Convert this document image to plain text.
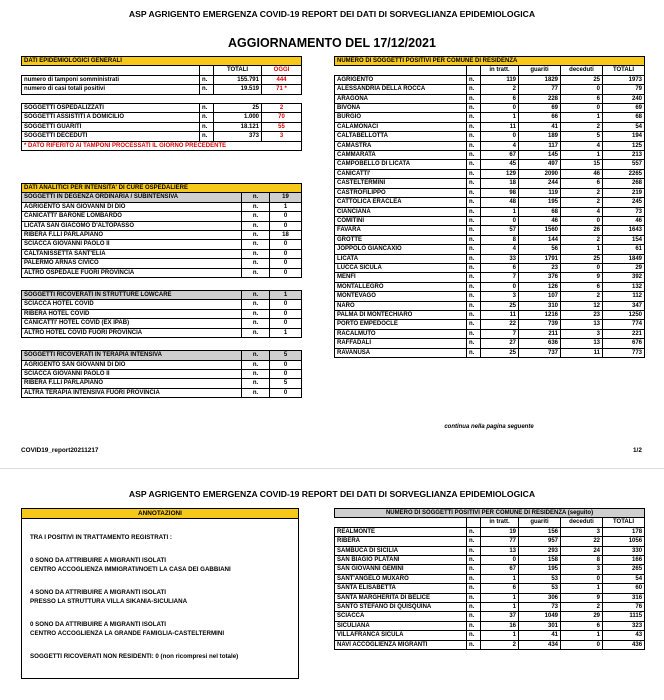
ASP AGRIGENTO EMERGENZA COVID-19 REPORT DEI DATI DI SORVEGLIANZA EPIDEMIOLOGICA
AGGIORNAMENTO DEL 17/12/2021
DATI EPIDEMIOLOGICI GENERALI			
		TOTALI	OGGI
numero di tamponi somministrati	n.	155.791	444
numero di casi totali positivi	n.	19.519	71 *

SOGGETTI OSPEDALIZZATI	n.	25	2
SOGGETTI ASSISTITI A DOMICILIO	n.	1.000	70
SOGGETTI GUARITI	n.	18.121	55
SOGGETTI DECEDUTI	n.	373	3
* DATO RIFERITO AI TAMPONI PROCESSATI IL GIORNO PRECEDENTE			
DATI ANALITICI PER INTENSITA' DI CURE OSPEDALIERE		
SOGGETTI IN DEGENZA ORDINARIA / SUBINTENSIVA	n.	19
AGRIGENTO SAN GIOVANNI DI DIO	n.	1
CANICATTI' BARONE LOMBARDO	n.	0
LICATA SAN GIACOMO D'ALTOPASSO	n.	0
RIBERA F.LLI PARLAPIANO	n.	18
SCIACCA GIOVANNI PAOLO II	n.	0
CALTANISSETTA SANT'ELIA	n.	0
PALERMO ARNAS CIVICO	n.	0
ALTRO OSPEDALE FUORI PROVINCIA	n.	0

SOGGETTI RICOVERATI IN STRUTTURE LOWCARE	n.	1
SCIACCA HOTEL COVID	n.	0
RIBERA HOTEL COVID	n.	0
CANICATTI' HOTEL COVID (EX IPAB)	n.	0
ALTRO HOTEL COVID FUORI PROVINCIA	n.	1

SOGGETTI RICOVERATI IN TERAPIA INTENSIVA	n.	5
AGRIGENTO SAN GIOVANNI DI DIO	n.	0
SCIACCA GIOVANNI PAOLO II	n.	0
RIBERA F.LLI PARLAPIANO	n.	5
ALTRA TERAPIA INTENSIVA FUORI PROVINCIA	n.	0
NUMERO DI SOGGETTI POSITIVI PER COMUNE DI RESIDENZA					
		in tratt.	guariti	deceduti	TOTALI
AGRIGENTO	n.	119	1829	25	1973
ALESSANDRIA DELLA ROCCA	n.	2	77	0	79
ARAGONA	n.	6	228	6	240
BIVONA	n.	0	69	0	69
BURGIO	n.	1	66	1	68
CALAMONACI	n.	11	41	2	54
CALTABELLOTTA	n.	0	189	5	194
CAMASTRA	n.	4	117	4	125
CAMMARATA	n.	67	145	1	213
CAMPOBELLO DI LICATA	n.	45	497	15	557
CANICATTI'	n.	129	2090	46	2265
CASTELTERMINI	n.	18	244	6	268
CASTROFILIPPO	n.	98	119	2	219
CATTOLICA ERACLEA	n.	48	195	2	245
CIANCIANA	n.	1	68	4	73
COMITINI	n.	0	46	0	46
FAVARA	n.	57	1560	26	1643
GROTTE	n.	8	144	2	154
JOPPOLO GIANCAXIO	n.	4	56	1	61
LICATA	n.	33	1791	25	1849
LUCCA SICULA	n.	6	23	0	29
MENFI	n.	7	376	9	392
MONTALLEGRO	n.	0	126	6	132
MONTEVAGO	n.	3	107	2	112
NARO	n.	25	310	12	347
PALMA DI MONTECHIARO	n.	11	1216	23	1250
PORTO EMPEDOCLE	n.	22	739	13	774
RACALMUTO	n.	7	211	3	221
RAFFADALI	n.	27	636	13	676
RAVANUSA	n.	25	737	11	773
continua nella pagina seguente
COVID19_report20211217	1/2
ASP AGRIGENTO EMERGENZA COVID-19 REPORT DEI DATI DI SORVEGLIANZA EPIDEMIOLOGICA
ANNOTAZIONI
TRA I POSITIVI IN TRATTAMENTO REGISTRATI :
0 SONO DA ATTRIBUIRE A MIGRANTI ISOLATI
CENTRO ACCOGLIENZA IMMIGRATI/NOETI LA CASA DEI GABBIANI
4 SONO DA ATTRIBUIRE A MIGRANTI ISOLATI
PRESSO LA STRUTTURA VILLA SIKANIA-SICULIANA
0 SONO DA ATTRIBUIRE A MIGRANTI ISOLATI
CENTRO ACCOGLIENZA LA GRANDE FAMIGLIA-CASTELTERMINI
SOGGETTI RICOVERATI NON RESIDENTI: 0 (non ricompresi nel totale)
NUMERO DI SOGGETTI POSITIVI PER COMUNE DI RESIDENZA (seguito)					
		in tratt.	guariti	deceduti	TOTALI
REALMONTE	n.	19	156	3	178
RIBERA	n.	77	957	22	1056
SAMBUCA DI SICILIA	n.	13	293	24	330
SAN BIAGIO PLATANI	n.	0	158	8	166
SAN GIOVANNI GEMINI	n.	67	195	3	265
SANT'ANGELO MUXARO	n.	1	53	0	54
SANTA ELISABETTA	n.	6	53	1	60
SANTA MARGHERITA DI BELICE	n.	1	306	9	316
SANTO STEFANO DI QUISQUINA	n.	1	73	2	76
SCIACCA	n.	37	1049	29	1115
SICULIANA	n.	16	301	6	323
VILLAFRANCA SICULA	n.	1	41	1	43
NAVI ACCOGLIENZA MIGRANTI	n.	2	434	0	436
